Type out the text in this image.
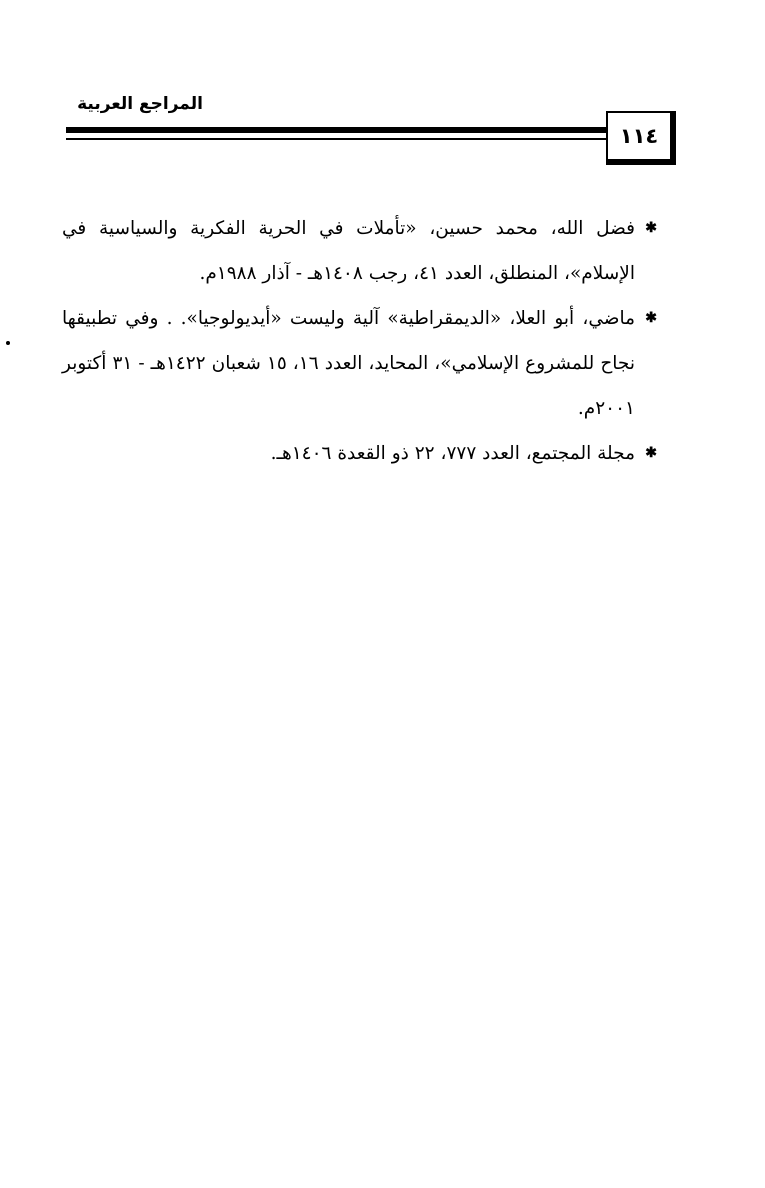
المراجع العربية
١١٤
✱ فضل الله، محمد حسين، «تأملات في الحرية الفكرية والسياسية في الإسلام»، المنطلق، العدد ٤١، رجب ١٤٠٨هـ - آذار ١٩٨٨م.
✱ ماضي، أبو العلا، «الديمقراطية» آلية وليست «أيديولوجيا». . وفي تطبيقها نجاح للمشروع الإسلامي»، المحايد، العدد ١٦، ١٥ شعبان ١٤٢٢هـ - ٣١ أكتوبر ٢٠٠١م.
✱ مجلة المجتمع، العدد ٧٧٧، ٢٢ ذو القعدة ١٤٠٦هـ.
